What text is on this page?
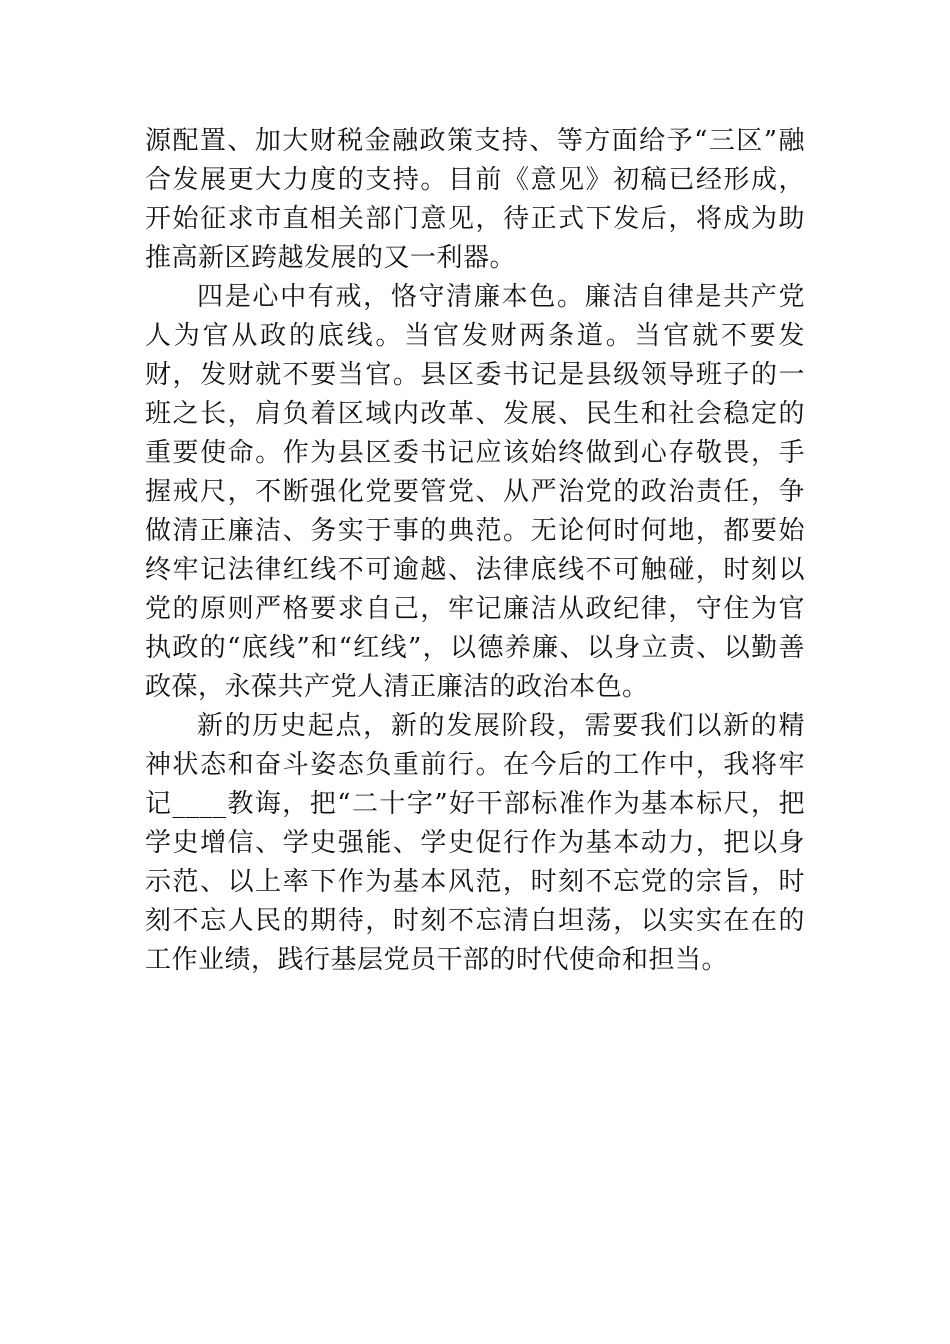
源配置、加大财税金融政策支持、等方面给予“三区”融合发展更大力度的支持。目前《意见》初稿已经形成，开始征求市直相关部门意见，待正式下发后，将成为助推高新区跨越发展的又一利器。

四是心中有戒，恪守清廉本色。廉洁自律是共产党人为官从政的底线。当官发财两条道。当官就不要发财，发财就不要当官。县区委书记是县级领导班子的一班之长，肩负着区域内改革、发展、民生和社会稳定的重要使命。作为县区委书记应该始终做到心存敬畏，手握戒尺，不断强化党要管党、从严治党的政治责任，争做清正廉洁、务实于事的典范。无论何时何地，都要始终牢记法律红线不可逾越、法律底线不可触碰，时刻以党的原则严格要求自己，牢记廉洁从政纪律，守住为官执政的“底线”和“红线”，以德养廉、以身立责、以勤善政葆，永葆共产党人清正廉洁的政治本色。

新的历史起点，新的发展阶段，需要我们以新的精神状态和奋斗姿态负重前行。在今后的工作中，我将牢记____教诲，把“二十字”好干部标准作为基本标尺，把学史增信、学史强能、学史促行作为基本动力，把以身示范、以上率下作为基本风范，时刻不忘党的宗旨，时刻不忘人民的期待，时刻不忘清白坦荡，以实实在在的工作业绩，践行基层党员干部的时代使命和担当。
